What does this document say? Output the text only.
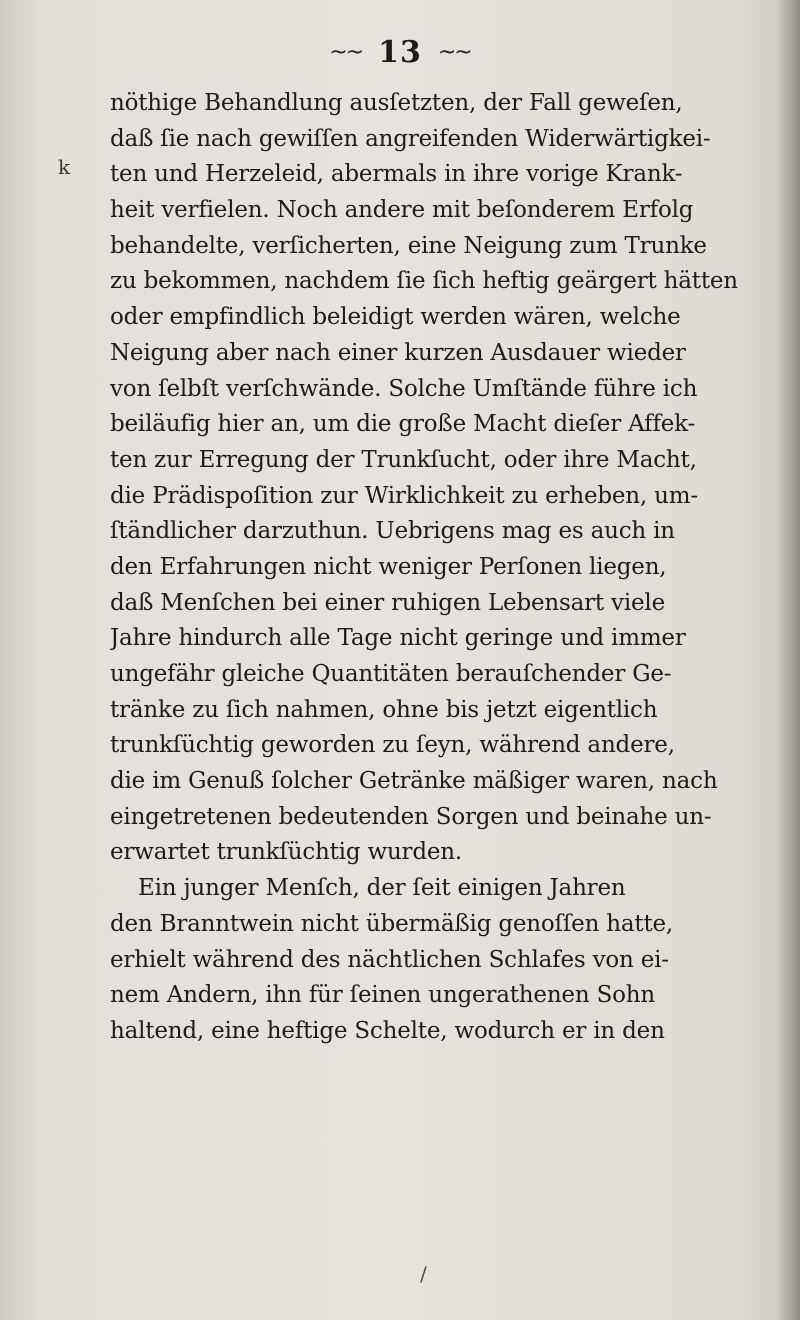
~~ 13 ~~
k
nöthige Behandlung ausſetzten, der Fall geweſen,
daß ſie nach gewiſſen angreifenden Widerwärtigkei-
ten und Herzeleid, abermals in ihre vorige Krank-
heit verfielen. Noch andere mit beſonderem Erfolg
behandelte, verſicherten, eine Neigung zum Trunke
zu bekommen, nachdem ſie ſich heftig geärgert hätten
oder empfindlich beleidigt werden wären, welche
Neigung aber nach einer kurzen Ausdauer wieder
von ſelbſt verſchwände. Solche Umſtände führe ich
beiläufig hier an, um die große Macht dieſer Affek-
ten zur Erregung der Trunkſucht, oder ihre Macht,
die Prädispoſition zur Wirklichkeit zu erheben, um-
ſtändlicher darzuthun. Uebrigens mag es auch in
den Erfahrungen nicht weniger Perſonen liegen,
daß Menſchen bei einer ruhigen Lebensart viele
Jahre hindurch alle Tage nicht geringe und immer
ungefähr gleiche Quantitäten berauſchender Ge-
tränke zu ſich nahmen, ohne bis jetzt eigentlich
trunkſüchtig geworden zu ſeyn, während andere,
die im Genuß ſolcher Getränke mäßiger waren, nach
eingetretenen bedeutenden Sorgen und beinahe un-
erwartet trunkſüchtig wurden.
Ein junger Menſch, der ſeit einigen Jahren
den Branntwein nicht übermäßig genoſſen hatte,
erhielt während des nächtlichen Schlafes von ei-
nem Andern, ihn für ſeinen ungerathenen Sohn
haltend, eine heftige Schelte, wodurch er in den
/
